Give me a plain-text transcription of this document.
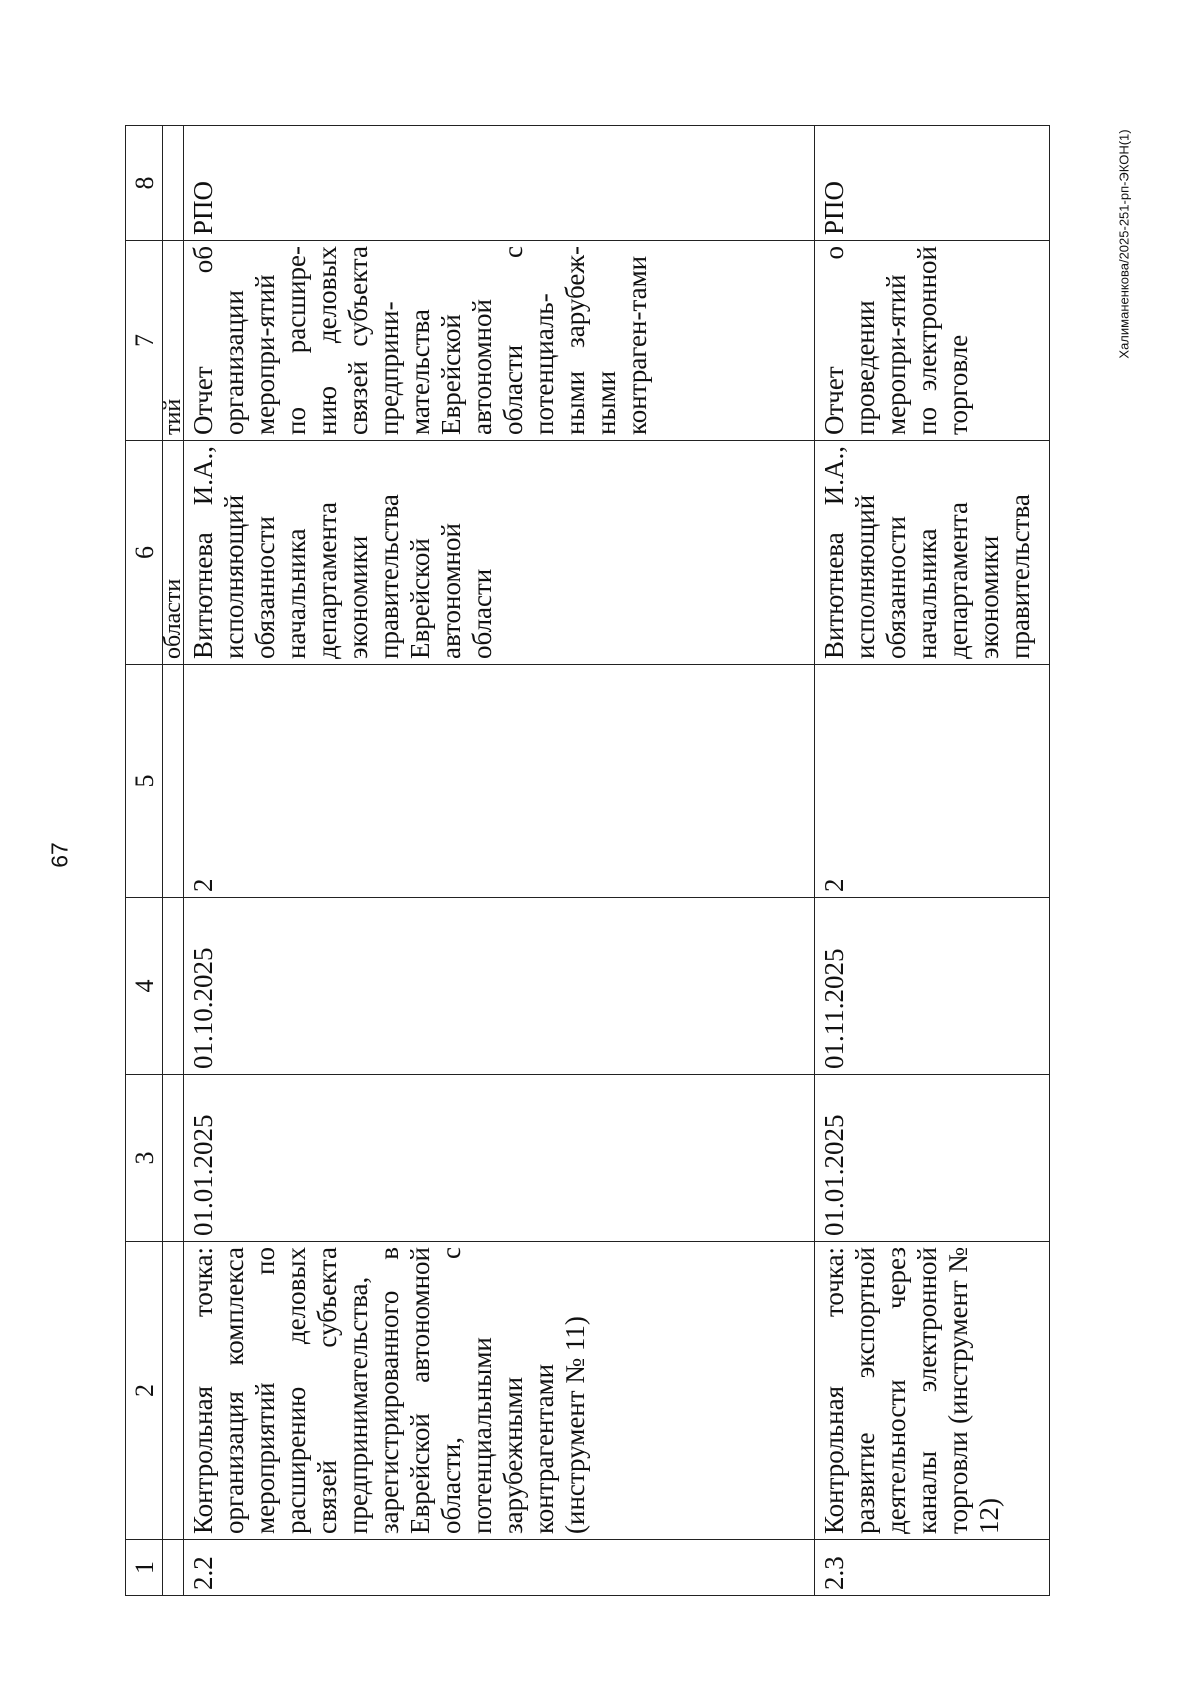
67
Халиманенкова/2025-251-рп-ЭКОН(1)
1	2	3	4	5	6	7	8
					области	тий	
2.2	Контрольная точка: организация комплекса мероприятий по расширению деловых связей субъекта предпринимательства, зарегистрированного в Еврейской автономной области, с потенциальными зарубежными контрагентами (инструмент № 11)	01.01.2025	01.10.2025	2	Витютнева И.А., исполняющий обязанности начальника департамента экономики правительства Еврейской автономной области	Отчет об организации меропри-ятий по расшире-нию деловых связей субъекта предприни-мательства Еврейской автономной области с потенциаль-ными зарубеж-ными контраген-тами	РПО
2.3	Контрольная точка: развитие экспортной деятельности через каналы электронной торговли (инструмент № 12)	01.01.2025	01.11.2025	2	Витютнева И.А., исполняющий обязанности начальника департамента экономики правительства	Отчет о проведении меропри-ятий по электронной торговле	РПО
